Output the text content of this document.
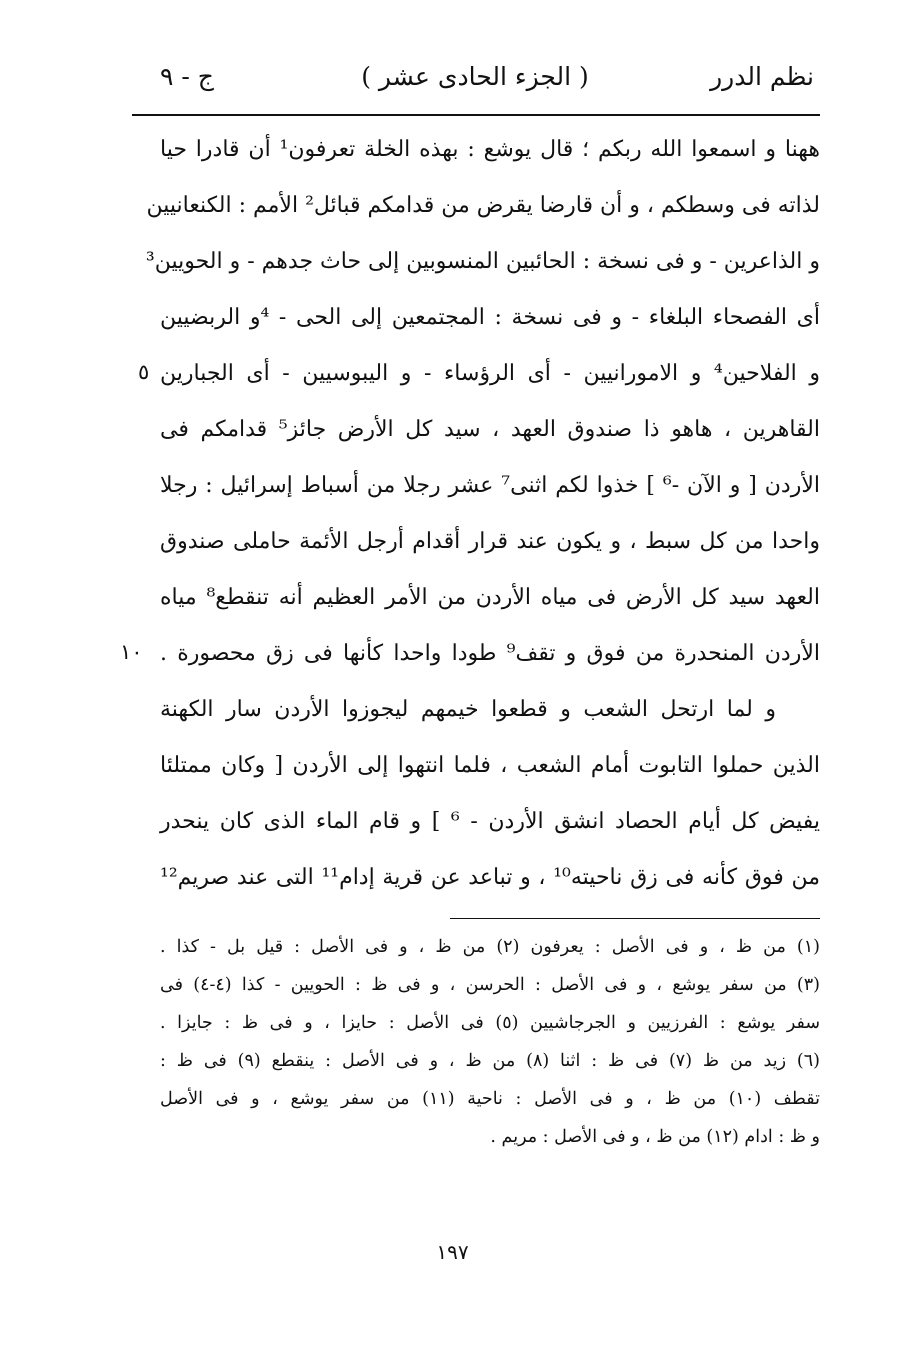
نظم الدرر
( الجزء الحادى عشر )
ج - ٩
ههنا و اسمعوا الله ربكم ؛ قال يوشع : بهذه الخلة تعرفون¹ أن قادرا حيا
لذاته فى وسطكم ، و أن قارضا يقرض من قدامكم قبائل² الأمم : الكنعانيين
و الذاعرين - و فى نسخة : الحائبين المنسوبين إلى حاث جدهم - و الحويين³
أى الفصحاء البلغاء - و فى نسخة : المجتمعين إلى الحى - ⁴و الربضيين
و الفلاحين⁴ و الامورانيين - أى الرؤساء - و اليبوسيين - أى الجبارين
القاهرين ، هاهو ذا صندوق العهد ، سيد كل الأرض جائز⁵ قدامكم فى
الأردن [ و الآن -⁶ ] خذوا لكم اثنى⁷ عشر رجلا من أسباط إسرائيل : رجلا
واحدا من كل سبط ، و يكون عند قرار أقدام أرجل الأئمة حاملى صندوق
العهد سيد كل الأرض فى مياه الأردن من الأمر العظيم أنه تنقطع⁸ مياه
الأردن المنحدرة من فوق و تقف⁹ طودا واحدا كأنها فى زق محصورة .
و لما ارتحل الشعب و قطعوا خيمهم ليجوزوا الأردن سار الكهنة
الذين حملوا التابوت أمام الشعب ، فلما انتهوا إلى الأردن [ وكان ممتلئا
يفيض كل أيام الحصاد انشق الأردن - ⁶ ] و قام الماء الذى كان ينحدر
من فوق كأنه فى زق ناحيته¹⁰ ، و تباعد عن قرية إدام¹¹ التى عند صريم¹²
٥
١٠
(١) من ظ ، و فى الأصل : يعرفون (٢) من ظ ، و فى الأصل : قيل بل - كذا .
(٣) من سفر يوشع ، و فى الأصل : الحرسن ، و فى ظ : الحويين - كذا (٤-٤) فى
سفر يوشع : الفرزيين و الجرجاشيين (٥) فى الأصل : حايزا ، و فى ظ : جايزا .
(٦) زيد من ظ (٧) فى ظ : اثنا (٨) من ظ ، و فى الأصل : ينقطع (٩) فى ظ :
تقطف (١٠) من ظ ، و فى الأصل : ناحية (١١) من سفر يوشع ، و فى الأصل
و ظ : ادام (١٢) من ظ ، و فى الأصل : مريم .
١٩٧
